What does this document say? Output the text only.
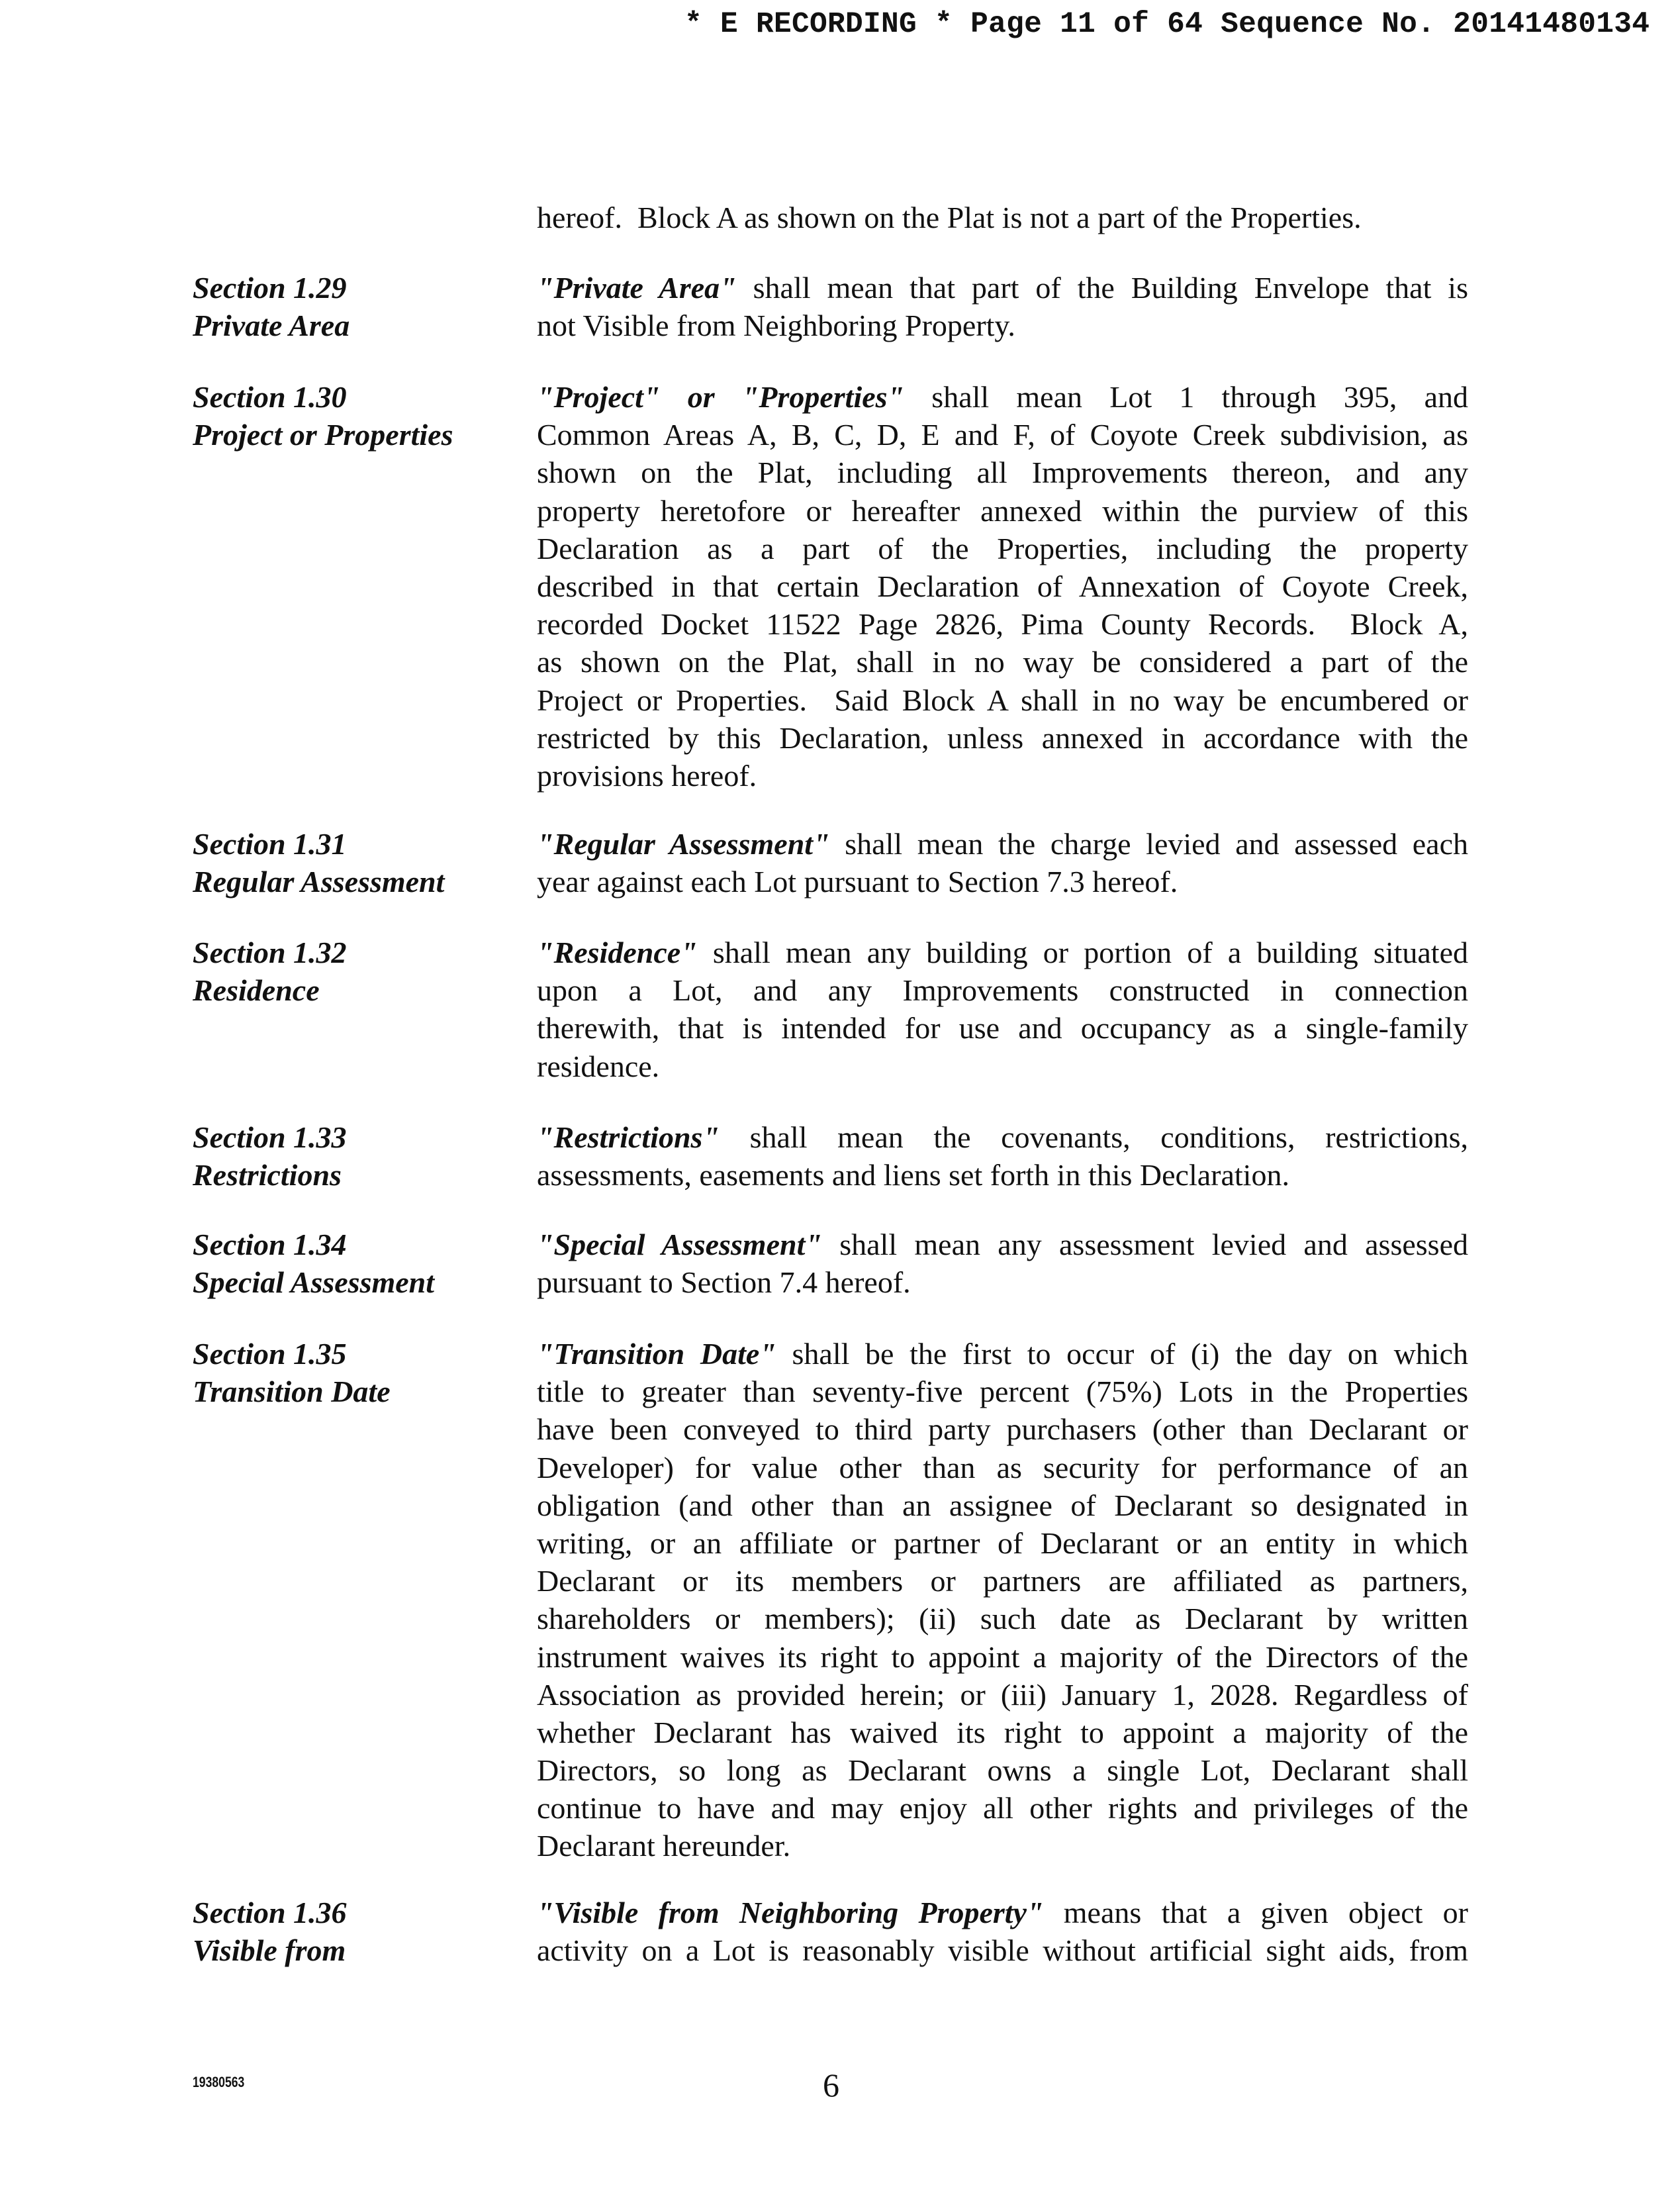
* E RECORDING * Page 11 of 64 Sequence No. 20141480134
hereof.  Block A as shown on the Plat is not a part of the Properties.
Section 1.29
Private Area
"Private Area" shall mean that part of the Building Envelope that is
not Visible from Neighboring Property.
Section 1.30
Project or Properties
"Project" or "Properties" shall mean Lot 1 through 395, and
Common Areas A, B, C, D, E and F, of Coyote Creek subdivision, as
shown on the Plat, including all Improvements thereon, and any
property heretofore or hereafter annexed within the purview of this
Declaration as a part of the Properties, including the property
described in that certain Declaration of Annexation of Coyote Creek,
recorded Docket 11522 Page 2826, Pima County Records.  Block A,
as shown on the Plat, shall in no way be considered a part of the
Project or Properties.  Said Block A shall in no way be encumbered or
restricted by this Declaration, unless annexed in accordance with the
provisions hereof.
Section 1.31
Regular Assessment
"Regular Assessment" shall mean the charge levied and assessed each
year against each Lot pursuant to Section 7.3 hereof.
Section 1.32
Residence
"Residence" shall mean any building or portion of a building situated
upon a Lot, and any Improvements constructed in connection
therewith, that is intended for use and occupancy as a single-family
residence.
Section 1.33
Restrictions
"Restrictions" shall mean the covenants, conditions, restrictions,
assessments, easements and liens set forth in this Declaration.
Section 1.34
Special Assessment
"Special Assessment" shall mean any assessment levied and assessed
pursuant to Section 7.4 hereof.
Section 1.35
Transition Date
"Transition Date" shall be the first to occur of (i) the day on which
title to greater than seventy-five percent (75%) Lots in the Properties
have been conveyed to third party purchasers (other than Declarant or
Developer) for value other than as security for performance of an
obligation (and other than an assignee of Declarant so designated in
writing, or an affiliate or partner of Declarant or an entity in which
Declarant or its members or partners are affiliated as partners,
shareholders or members); (ii) such date as Declarant by written
instrument waives its right to appoint a majority of the Directors of the
Association as provided herein; or (iii) January 1, 2028. Regardless of
whether Declarant has waived its right to appoint a majority of the
Directors, so long as Declarant owns a single Lot, Declarant shall
continue to have and may enjoy all other rights and privileges of the
Declarant hereunder.
Section 1.36
Visible from
"Visible from Neighboring Property" means that a given object or
activity on a Lot is reasonably visible without artificial sight aids, from
19380563	6
